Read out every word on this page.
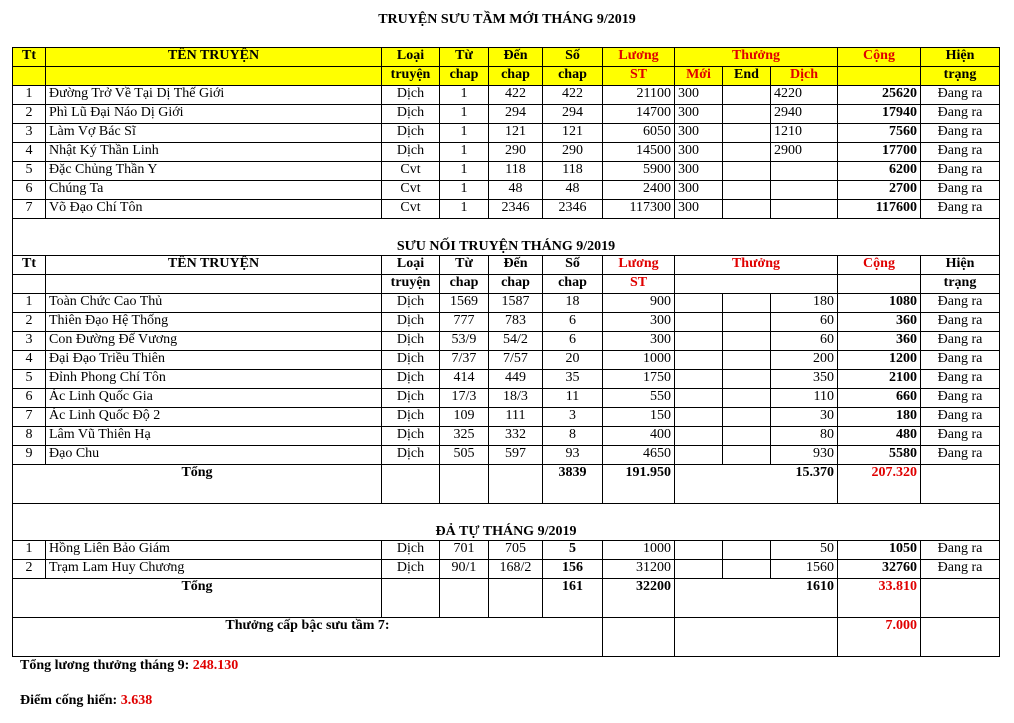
TRUYỆN SƯU TẦM MỚI THÁNG 9/2019
Tt	TÊN TRUYỆN	Loại	Từ	Đến	Số	Lương	Thưởng			Cộng	Hiện
		truyện	chap	chap	chap	ST	Mới	End	Dịch		trạng
1	Đường Trở Về Tại Dị Thế Giới	Dịch	1	422	422	21100	300		4220	25620	Đang ra
2	Phì Lũ Đại Náo Dị Giới	Dịch	1	294	294	14700	300		2940	17940	Đang ra
3	Làm Vợ Bác Sĩ	Dịch	1	121	121	6050	300		1210	7560	Đang ra
4	Nhật Ký Thần Linh	Dịch	1	290	290	14500	300		2900	17700	Đang ra
5	Đặc Chủng Thần Y	Cvt	1	118	118	5900	300			6200	Đang ra
6	Chúng Ta	Cvt	1	48	48	2400	300			2700	Đang ra
7	Võ Đạo Chí Tôn	Cvt	1	2346	2346	117300	300			117600	Đang ra
SƯU NỐI TRUYỆN THÁNG 9/2019											
Tt	TÊN TRUYỆN	Loại	Từ	Đến	Số	Lương	Thưởng			Cộng	Hiện
		truyện	chap	chap	chap	ST					trạng
1	Toàn Chức Cao Thủ	Dịch	1569	1587	18	900			180	1080	Đang ra
2	Thiên Đạo Hệ Thống	Dịch	777	783	6	300			60	360	Đang ra
3	Con Đường Đế Vương	Dịch	53/9	54/2	6	300			60	360	Đang ra
4	Đại Đạo Triều Thiên	Dịch	7/37	7/57	20	1000			200	1200	Đang ra
5	Đỉnh Phong Chí Tôn	Dịch	414	449	35	1750			350	2100	Đang ra
6	Ác Linh Quốc Gia	Dịch	17/3	18/3	11	550			110	660	Đang ra
7	Ác Linh Quốc Độ 2	Dịch	109	111	3	150			30	180	Đang ra
8	Lâm Vũ Thiên Hạ	Dịch	325	332	8	400			80	480	Đang ra
9	Đạo Chu	Dịch	505	597	93	4650			930	5580	Đang ra
Tổng					3839	191.950	15.370			207.320	
ĐẢ TỰ THÁNG 9/2019											
1	Hồng Liên Bảo Giám	Dịch	701	705	5	1000			50	1050	Đang ra
2	Trạm Lam Huy Chương	Dịch	90/1	168/2	156	31200			1560	32760	Đang ra
Tổng					161	32200	1610			33.810	
Thưởng cấp bậc sưu tầm 7:										7.000	
Tổng lương thưởng tháng 9: 248.130
Điểm cống hiến: 3.638
